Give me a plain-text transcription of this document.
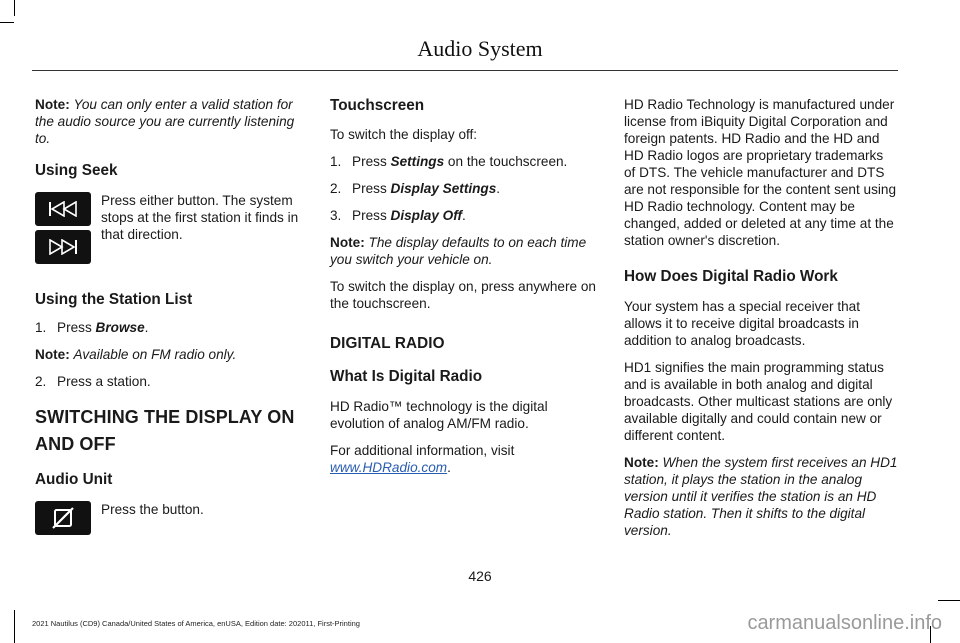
Audio System

Note: You can only enter a valid station for the audio source you are currently listening to.

Using Seek
Press either button. The system stops at the first station it finds in that direction.
Using the Station List
1. Press Browse.

Note: Available on FM radio only.

2. Press a station.
SWITCHING THE DISPLAY ON AND OFF
Audio Unit
Press the button.
Touchscreen

To switch the display off:

1. Press Settings on the touchscreen.
2. Press Display Settings.
3. Press Display Off.

Note: The display defaults to on each time you switch your vehicle on.

To switch the display on, press anywhere on the touchscreen.

DIGITAL RADIO
What Is Digital Radio

HD Radio™ technology is the digital evolution of analog AM/FM radio.

For additional information, visit
www.HDRadio.com.

HD Radio Technology is manufactured under license from iBiquity Digital Corporation and foreign patents. HD Radio and the HD and HD Radio logos are proprietary trademarks of DTS. The vehicle manufacturer and DTS are not responsible for the content sent using HD Radio technology. Content may be changed, added or deleted at any time at the station owner's discretion.

How Does Digital Radio Work

Your system has a special receiver that allows it to receive digital broadcasts in addition to analog broadcasts.

HD1 signifies the main programming status and is available in both analog and digital broadcasts. Other multicast stations are only available digitally and could contain new or different content.

Note: When the system first receives an HD1 station, it plays the station in the analog version until it verifies the station is an HD Radio station. Then it shifts to the digital version.

426
2021 Nautilus (CD9) Canada/United States of America, enUSA, Edition date: 202011, First-Printing	carmanualsonline.info
